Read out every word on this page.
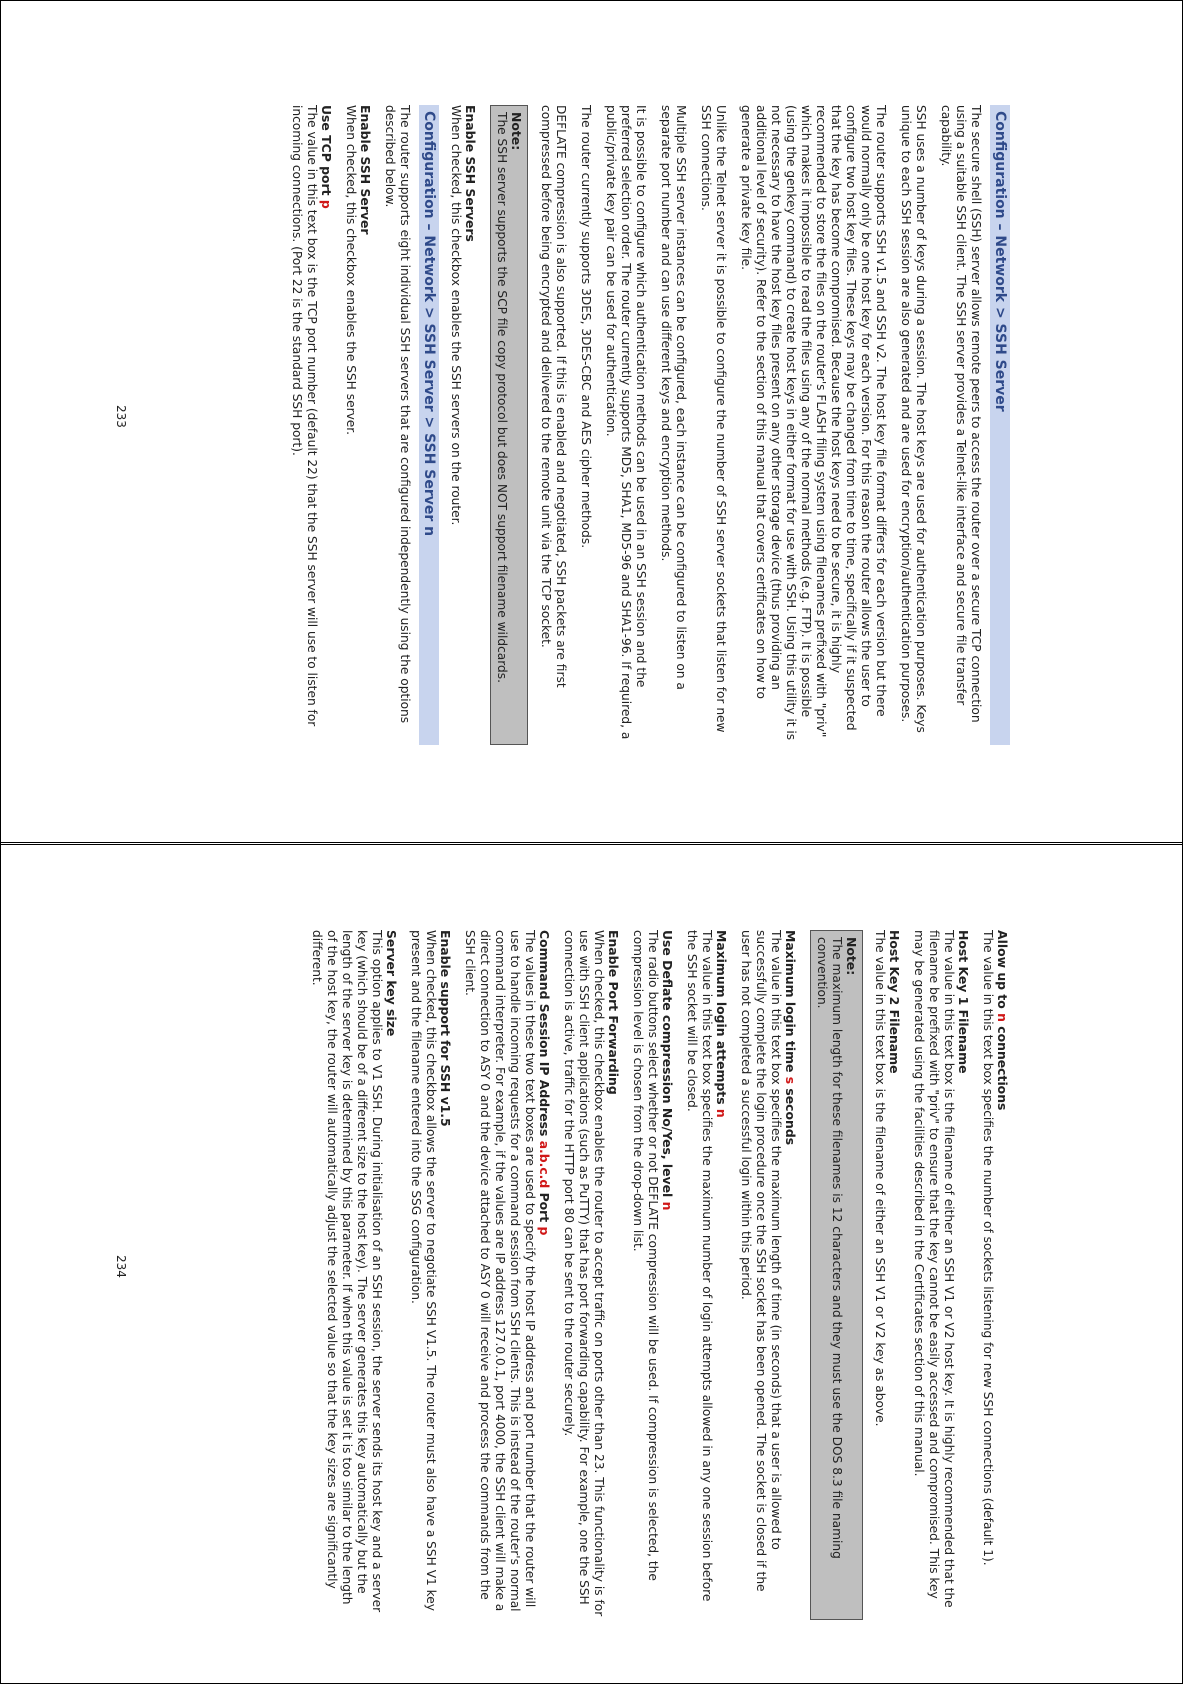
Configuration – Network > SSH Server

The secure shell (SSH) server allows remote peers to access the router over a secure TCP connection using a suitable SSH client. The SSH server provides a Telnet-like interface and secure file transfer capability.

SSH uses a number of keys during a session. The host keys are used for authentication purposes. Keys unique to each SSH session are also generated and are used for encryption/authentication purposes.

The router supports SSH v1.5 and SSH v2. The host key file format differs for each version but there would normally only be one host key for each version. For this reason the router allows the user to configure two host key files. These keys may be changed from time to time, specifically if it suspected that the key has become compromised. Because the host keys need to be secure, it is highly recommended to store the files on the router's FLASH filing system using filenames prefixed with "priv" which makes it impossible to read the files using any of the normal methods (e.g. FTP). It is possible (using the genkey command) to create host keys in either format for use with SSH. Using this utility it is not necessary to have the host key files present on any other storage device (thus providing an additional level of security). Refer to the section of this manual that covers certificates on how to generate a private key file.

Unlike the Telnet server it is possible to configure the number of SSH server sockets that listen for new SSH connections.

Multiple SSH server instances can be configured, each instance can be configured to listen on a separate port number and can use different keys and encryption methods.

It is possible to configure which authentication methods can be used in an SSH session and the preferred selection order. The router currently supports MD5, SHA1, MD5-96 and SHA1-96. If required, a public/private key pair can be used for authentication.

The router currently supports 3DES, 3DES-CBC and AES cipher methods.

DEFLATE compression is also supported. If this is enabled and negotiated, SSH packets are first compressed before being encrypted and delivered to the remote unit via the TCP socket.

Note:
The SSH server supports the SCP file copy protocol but does NOT support filename wildcards.
Enable SSH Servers
When checked, this checkbox enables the SSH servers on the router.
Configuration – Network > SSH Server > SSH Server n
The router supports eight individual SSH servers that are configured independently using the options described below.
Enable SSH Server
When checked, this checkbox enables the SSH server.
Use TCP port p
The value in this text box is the TCP port number (default 22) that the SSH server will use to listen for incoming connections. (Port 22 is the standard SSH port).
233
Allow up to n connections
The value in this text box specifies the number of sockets listening for new SSH connections (default 1).
Host Key 1 Filename
The value in this text box is the filename of either an SSH V1 or V2 host key. It is highly recommended that the filename be prefixed with "priv" to ensure that the key cannot be easily accessed and compromised. This key may be generated using the facilities described in the Certificates section of this manual.
Host Key 2 Filename
The value in this text box is the filename of either an SSH V1 or V2 key as above.
Note:
The maximum length for these filenames is 12 characters and they must use the DOS 8.3 file naming convention.
Maximum login time s seconds
The value in this text box specifies the maximum length of time (in seconds) that a user is allowed to successfully complete the login procedure once the SSH socket has been opened. The socket is closed if the user has not completed a successful login within this period.
Maximum login attempts n
The value in this text box specifies the maximum number of login attempts allowed in any one session before the SSH socket will be closed.
Use Deflate compression No/Yes, level n
The radio buttons select whether or not DEFLATE compression will be used. If compression is selected, the compression level is chosen from the drop-down list.
Enable Port Forwarding
When checked, this checkbox enables the router to accept traffic on ports other than 23. This functionality is for use with SSH client applications (such as PuTTY) that has port forwarding capability. For example, one the SSH connection is active, traffic for the HTTP port 80 can be sent to the router securely.
Command Session IP Address a.b.c.d Port p
The values in these two text boxes are used to specify the host IP address and port number that the router will use to handle incoming requests for a command session from SSH clients. This is instead of the router's normal command interpreter. For example, if the values are IP address 127.0.0.1, port 4000, the SSH client will make a direct connection to ASY 0 and the device attached to ASY 0 will receive and process the commands from the SSH client.
Enable support for SSH v1.5
When checked, this checkbox allows the server to negotiate SSH V1.5. The router must also have a SSH V1 key present and the filename entered into the SSG configuration.
Server key size
This option applies to V1 SSH. During initialisation of an SSH session, the server sends its host key and a server key (which should be of a different size to the host key). The server generates this key automatically but the length of the server key is determined by this parameter. If when this value is set it is too similar to the length of the host key, the router will automatically adjust the selected value so that the key sizes are significantly different.
234
